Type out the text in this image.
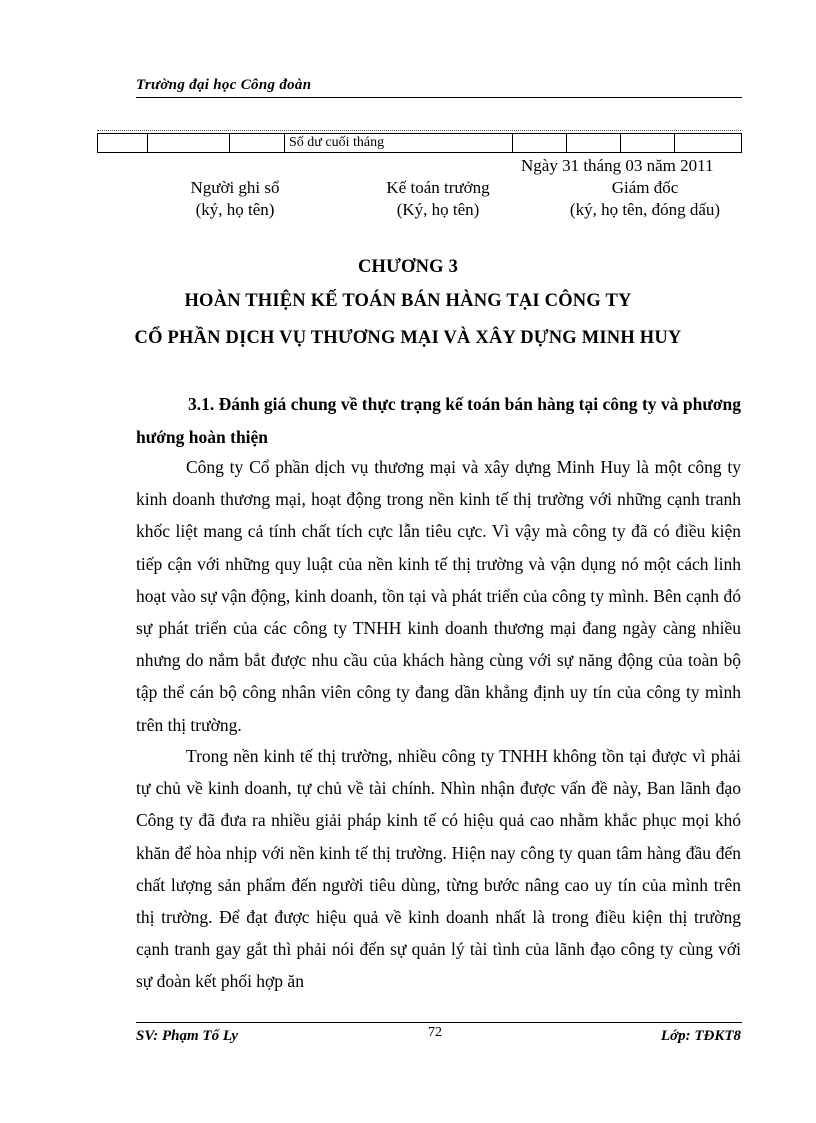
Trường đại học Công đoàn
			Số dư cuối tháng				
Ngày 31 tháng 03 năm 2011
Người ghi sổ
(ký, họ tên)
Kế toán trưởng
(Ký, họ tên)
Giám đốc
(ký, họ tên, đóng dấu)
CHƯƠNG 3
HOÀN THIỆN KẾ TOÁN BÁN HÀNG TẠI CÔNG TY
CỔ PHẦN DỊCH VỤ THƯƠNG MẠI VÀ XÂY DỰNG MINH HUY
3.1. Đánh giá chung về thực trạng kế toán bán hàng tại công ty và phương hướng hoàn thiện

Công ty Cổ phần dịch vụ thương mại và xây dựng Minh Huy là một công ty kinh doanh thương mại, hoạt động trong nền kinh tế thị trường với những cạnh tranh khốc liệt mang cả tính chất tích cực lẫn tiêu cực. Vì vậy mà công ty đã có điều kiện tiếp cận với những quy luật của nền kinh tế thị trường và vận dụng nó một cách linh hoạt vào sự vận động, kinh doanh, tồn tại và phát triển của công ty mình. Bên cạnh đó sự phát triển của các công ty TNHH kinh doanh thương mại đang ngày càng nhiều nhưng do nắm bắt được nhu cầu của khách hàng cùng với sự năng động của toàn bộ tập thể cán bộ công nhân viên công ty đang dần khẳng định uy tín của công ty mình trên thị trường.

Trong nền kinh tế thị trường, nhiều công ty TNHH không tồn tại được vì phải tự chủ về kinh doanh, tự chủ về tài chính. Nhìn nhận được vấn đề này, Ban lãnh đạo Công ty đã đưa ra nhiều giải pháp kinh tế có hiệu quả cao nhằm khắc phục mọi khó khăn để hòa nhịp với nền kinh tế thị trường. Hiện nay công ty quan tâm hàng đầu đến chất lượng sản phẩm đến người tiêu dùng, từng bước nâng cao uy tín của mình trên thị trường. Để đạt được hiệu quả về kinh doanh nhất là trong điều kiện thị trường cạnh tranh gay gắt thì phải nói đến sự quản lý tài tình của lãnh đạo công ty cùng với sự đoàn kết phối hợp ăn

SV: Phạm Tố Ly	72	Lớp: TĐKT8
